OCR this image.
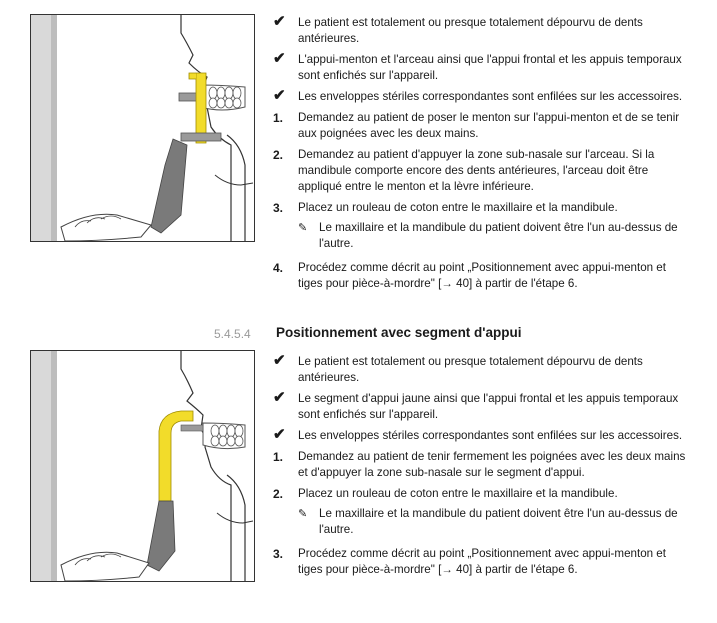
✔	Le patient est totalement ou presque totalement dépourvu de dents antérieures.
✔	L'appui-menton et l'arceau ainsi que l'appui frontal et les appuis temporaux sont enfichés sur l'appareil.
✔	Les enveloppes stériles correspondantes sont enfilées sur les accessoires.
1.	Demandez au patient de poser le menton sur l'appui-menton et de se tenir aux poignées avec les deux mains.
2.	Demandez au patient d'appuyer la zone sub-nasale sur l'arceau. Si la mandibule comporte encore des dents antérieures, l'arceau doit être appliqué entre le menton et la lèvre inférieure.
3.	Placez un rouleau de coton entre le maxillaire et la mandibule.
✎ Le maxillaire et la mandibule du patient doivent être l'un au-dessus de l'autre.
4.	Procédez comme décrit au point „Positionnement avec appui-menton et tiges pour pièce-à-mordre" [→ 40] à partir de l'étape 6.
5.4.5.4 Positionnement avec segment d'appui
✔	Le patient est totalement ou presque totalement dépourvu de dents antérieures.
✔	Le segment d'appui jaune ainsi que l'appui frontal et les appuis temporaux sont enfichés sur l'appareil.
✔	Les enveloppes stériles correspondantes sont enfilées sur les accessoires.
1.	Demandez au patient de tenir fermement les poignées avec les deux mains et d'appuyer la zone sub-nasale sur le segment d'appui.
2.	Placez un rouleau de coton entre le maxillaire et la mandibule.
✎ Le maxillaire et la mandibule du patient doivent être l'un au-dessus de l'autre.
3.	Procédez comme décrit au point „Positionnement avec appui-menton et tiges pour pièce-à-mordre" [→ 40] à partir de l'étape 6.
